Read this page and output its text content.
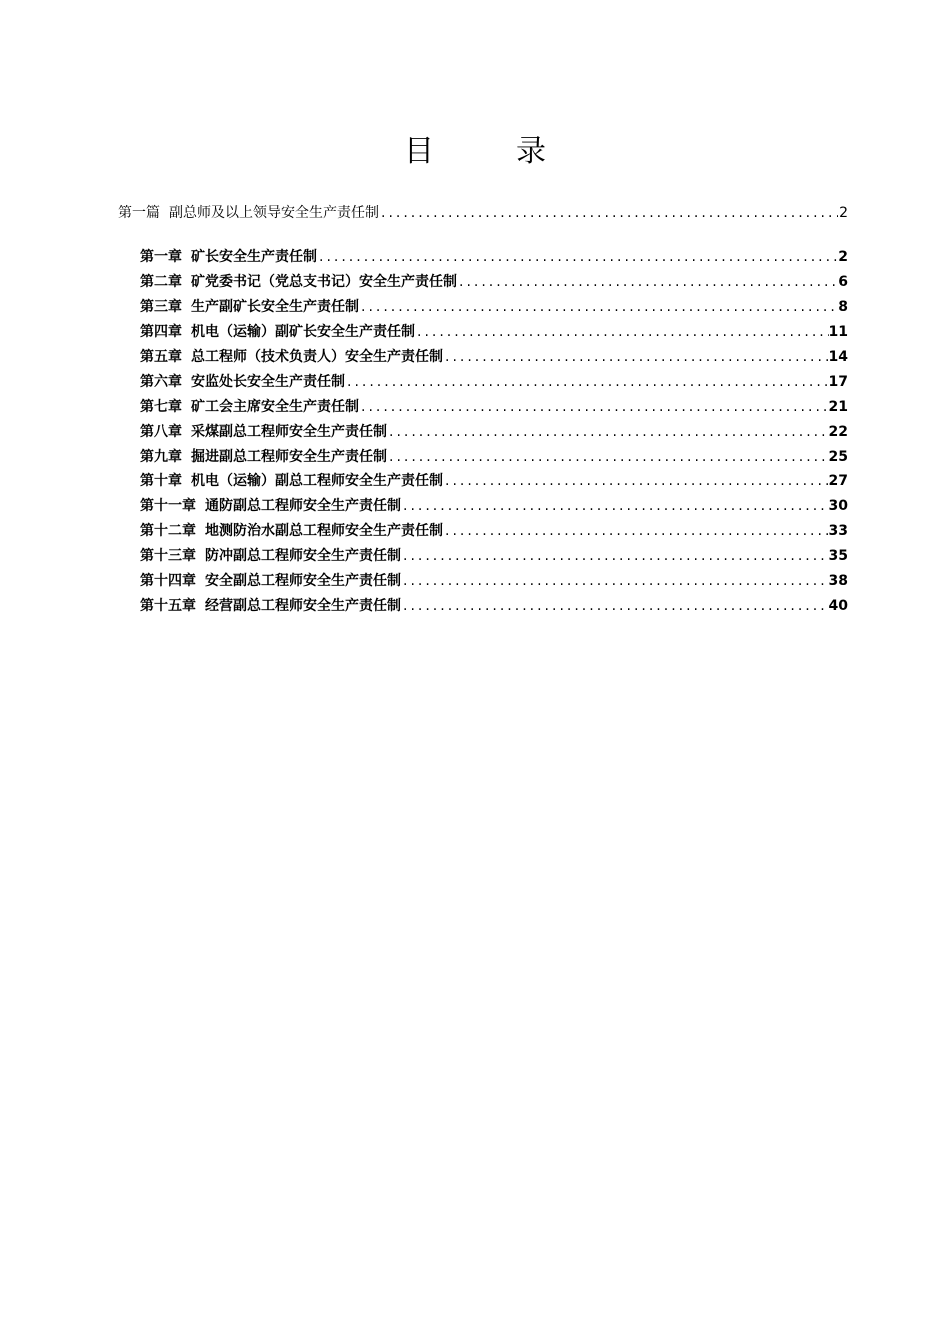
目	录
第一篇 副总师及以上领导安全生产责任制 .....	2
第一章 矿长安全生产责任制 .....	2
第二章 矿党委书记（党总支书记）安全生产责任制 .....	6
第三章 生产副矿长安全生产责任制 .....	8
第四章 机电（运输）副矿长安全生产责任制 .....	11
第五章 总工程师（技术负责人）安全生产责任制 .....	14
第六章 安监处长安全生产责任制 .....	17
第七章 矿工会主席安全生产责任制 .....	21
第八章 采煤副总工程师安全生产责任制 .....	22
第九章 掘进副总工程师安全生产责任制 .....	25
第十章 机电（运输）副总工程师安全生产责任制 .....	27
第十一章 通防副总工程师安全生产责任制 .....	30
第十二章 地测防治水副总工程师安全生产责任制 .....	33
第十三章 防冲副总工程师安全生产责任制 .....	35
第十四章 安全副总工程师安全生产责任制 .....	38
第十五章 经营副总工程师安全生产责任制 .....	40
